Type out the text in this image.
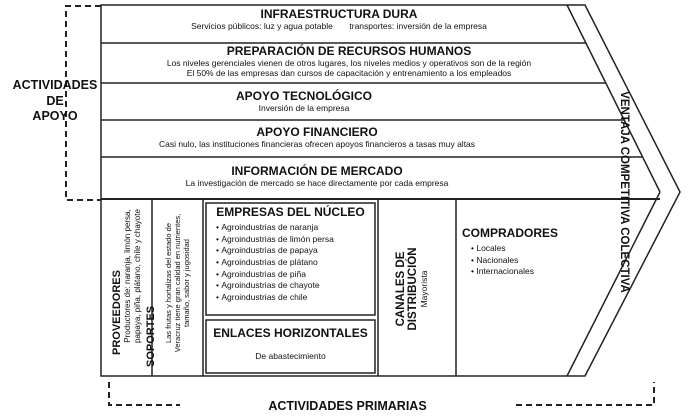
ACTIVIDADES
DE
APOYO
INFRAESTRUCTURA DURA
Servicios públicos: luz y agua potable transportes: inversión de la empresa
PREPARACIÓN DE RECURSOS HUMANOS
Los niveles gerenciales vienen de otros lugares, los niveles medios y operativos son de la región
El 50% de las empresas dan cursos de capacitación y entrenamiento a los empleados
APOYO TECNOLÓGICO
Inversión de la empresa
APOYO FINANCIERO
Casi nulo, las instituciones financieras ofrecen apoyos financieros a tasas muy altas
INFORMACIÓN DE MERCADO
La investigación de mercado se hace directamente por cada empresa
PROVEEDORES Productores de: naranja, limón persa, papaya, piña, plátano, chile y chayote SOPORTES Las frutas y hortalizas del estado de Veracruz tiene gran calidad en nutrientes, tamaño, sabor y jugosidad
EMPRESAS DEL NÚCLEO
• Agroindustrias de naranja
• Agroindustrias de limón persa
• Agroindustrias de papaya
• Agroindustrias de plátano
• Agroindustrias de piña
• Agroindustrias de chayote
• Agroindustrias de chile
ENLACES HORIZONTALES
De abastecimiento
CANALES DE DISTRIBUCIÓN Mayorista
COMPRADORES
• Locales
• Nacionales
• Internacionales	VENTAJA COMPETITIVA COLECTIVA
ACTIVIDADES PRIMARIAS
